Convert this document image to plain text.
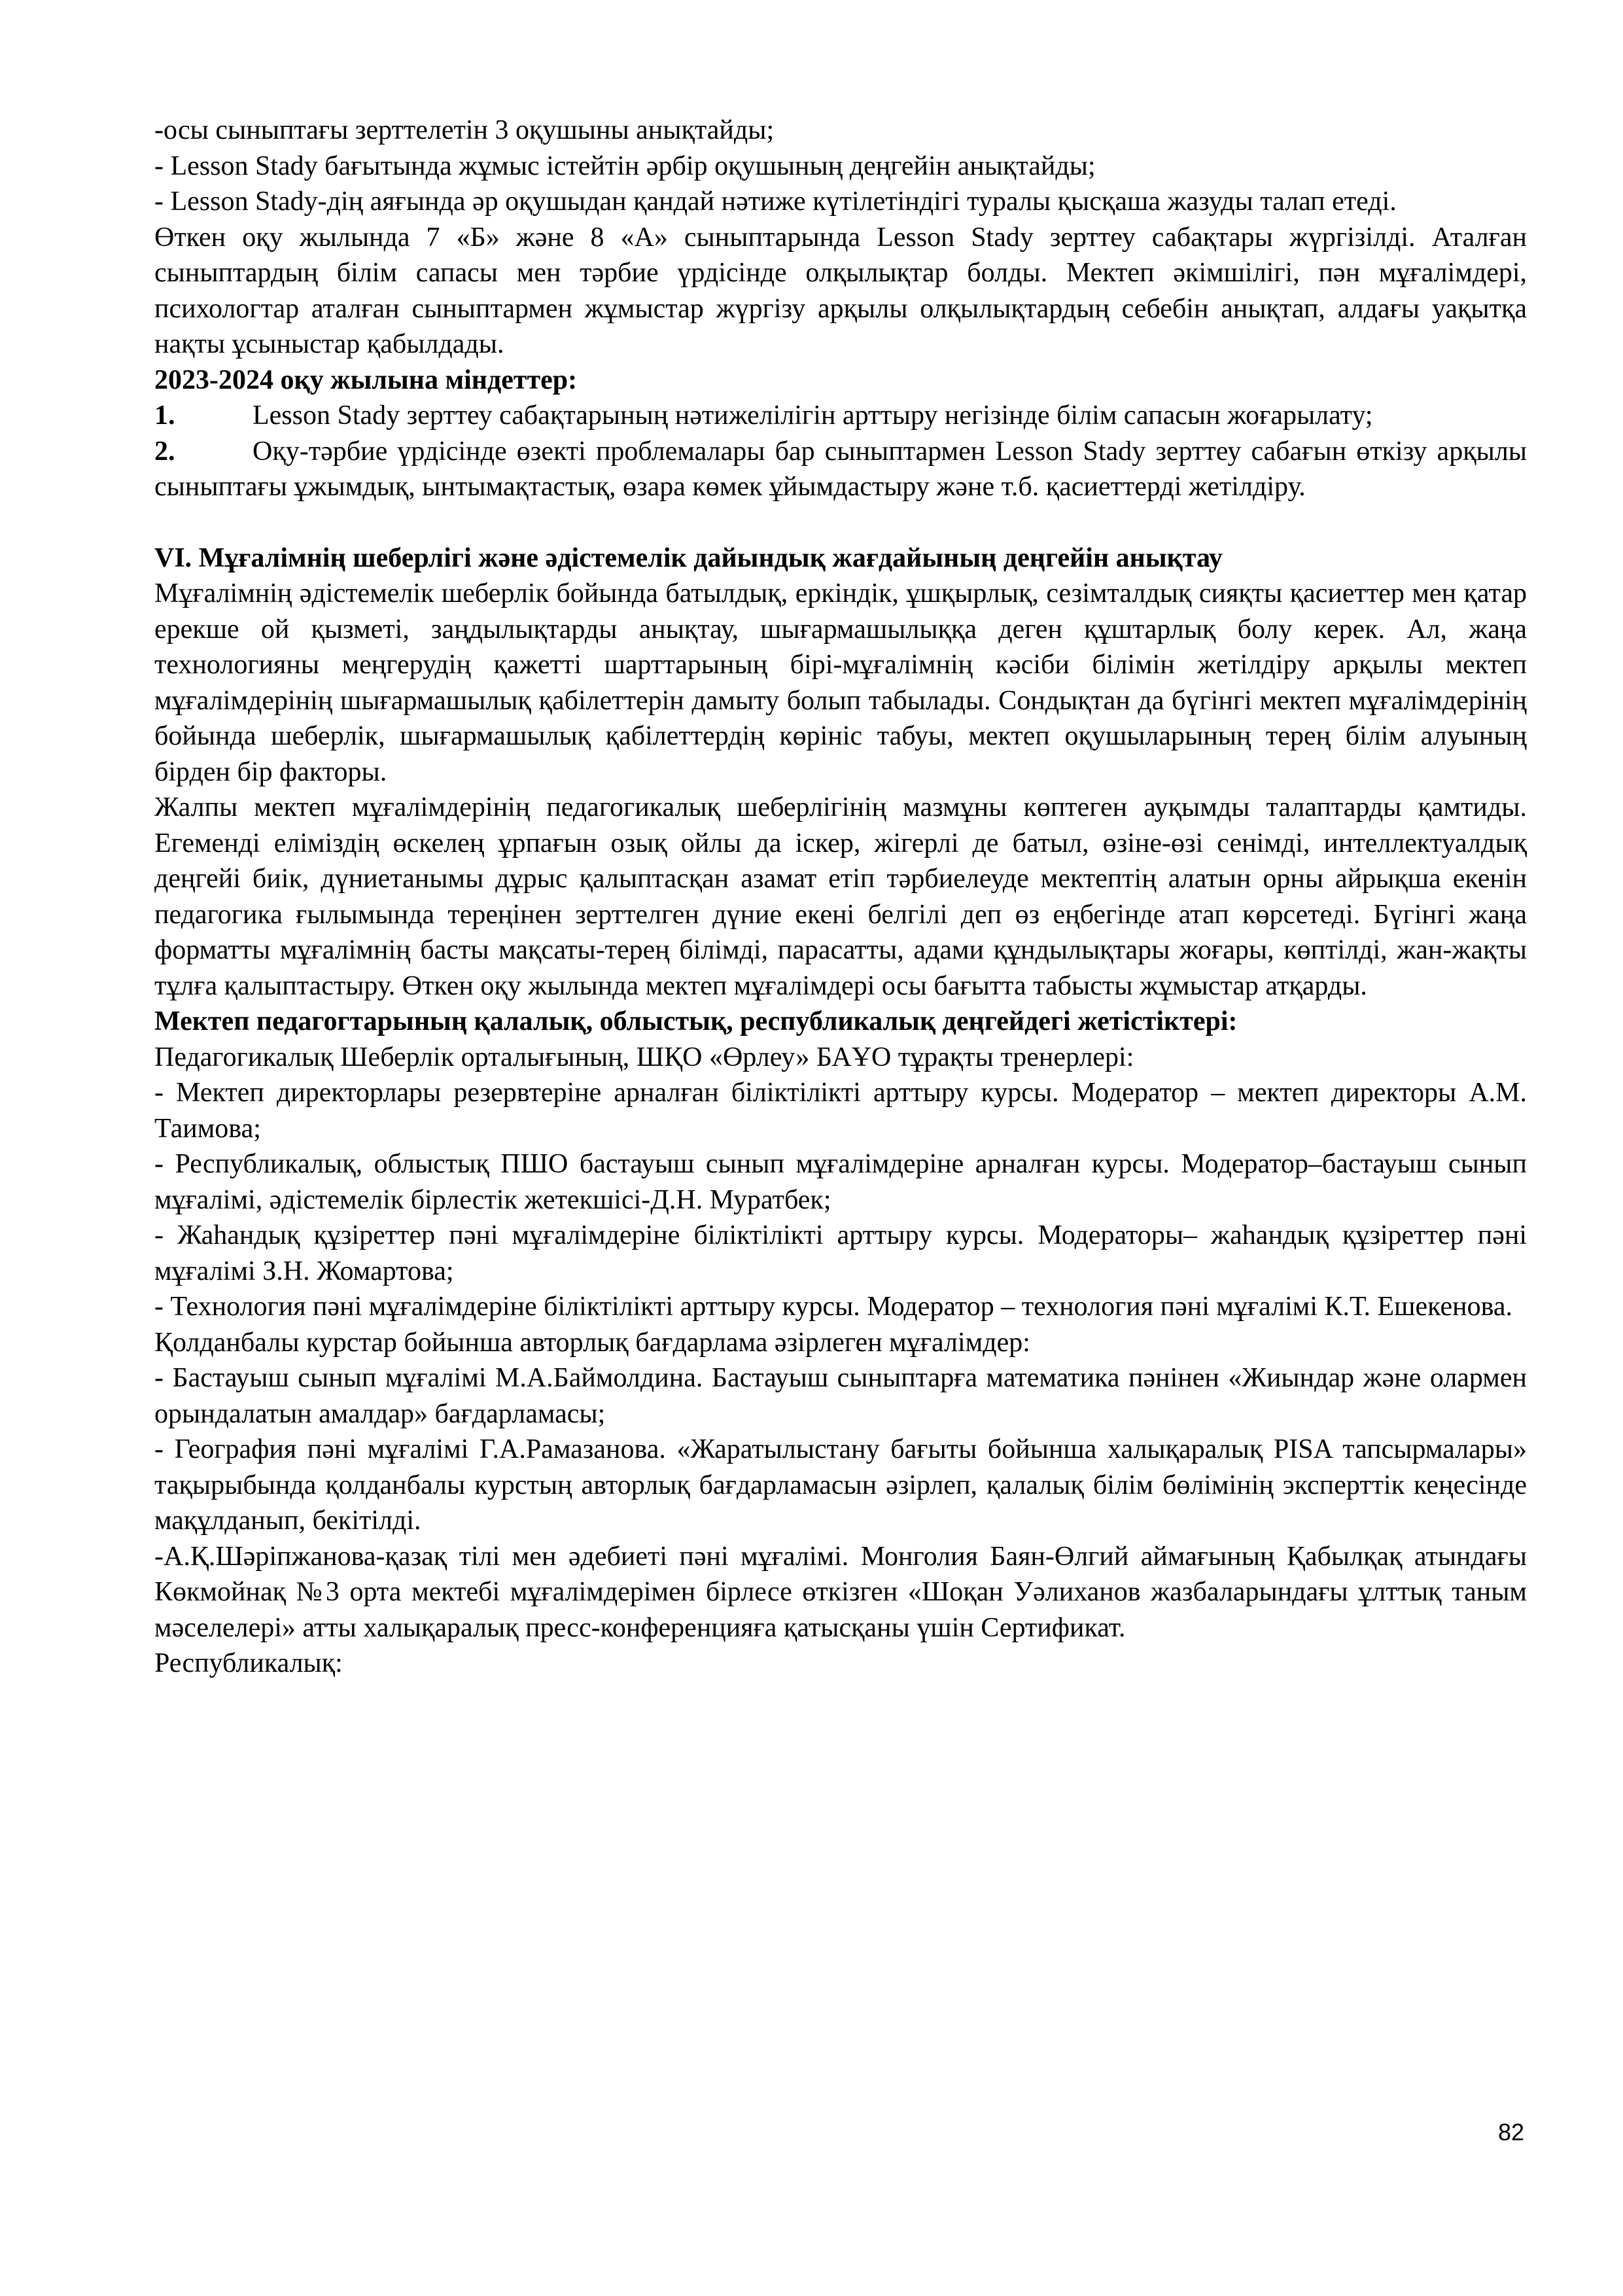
-осы сыныптағы зерттелетін 3 оқушыны анықтайды;

- Lesson Stady бағытында жұмыс істейтін әрбір оқушының деңгейін анықтайды;

- Lesson Stady-дің аяғында әр оқушыдан қандай нәтиже күтілетіндігі туралы қысқаша жазуды талап етеді.

Өткен оқу жылында 7 «Б» және 8 «А» сыныптарында Lesson Stady зерттеу сабақтары жүргізілді. Аталған сыныптардың білім сапасы мен тәрбие үрдісінде олқылықтар болды. Мектеп әкімшілігі, пән мұғалімдері, психологтар аталған сыныптармен жұмыстар жүргізу арқылы олқылықтардың себебін анықтап, алдағы уақытқа нақты ұсыныстар қабылдады.

2023-2024 оқу жылына міндеттер:

1.	Lesson Stady зерттеу сабақтарының нәтижелілігін арттыру негізінде білім сапасын жоғарылату;

2.	Оқу-тәрбие үрдісінде өзекті проблемалары бар сыныптармен Lesson Stady зерттеу сабағын өткізу арқылы сыныптағы ұжымдық, ынтымақтастық, өзара көмек ұйымдастыру және т.б. қасиеттерді жетілдіру.

VI. Мұғалімнің шеберлігі және әдістемелік дайындық жағдайының деңгейін анықтау

Мұғалімнің әдістемелік шеберлік бойында батылдық, еркіндік, ұшқырлық, сезімталдық сияқты қасиеттер мен қатар ерекше ой қызметі, заңдылықтарды анықтау, шығармашылыққа деген құштарлық болу керек. Ал, жаңа технологияны меңгерудің қажетті шарттарының бірі-мұғалімнің кәсіби білімін жетілдіру арқылы мектеп мұғалімдерінің шығармашылық қабілеттерін дамыту болып табылады. Сондықтан да бүгінгі мектеп мұғалімдерінің бойында шеберлік, шығармашылық қабілеттердің көрініс табуы, мектеп оқушыларының терең білім алуының бірден бір факторы.

Жалпы мектеп мұғалімдерінің педагогикалық шеберлігінің мазмұны көптеген ауқымды талаптарды қамтиды. Егеменді еліміздің өскелең ұрпағын озық ойлы да іскер, жігерлі де батыл, өзіне-өзі сенімді, интеллектуалдық деңгейі биік, дүниетанымы дұрыс қалыптасқан азамат етіп тәрбиелеуде мектептің алатын орны айрықша екенін педагогика ғылымында тереңінен зерттелген дүние екені белгілі деп өз еңбегінде атап көрсетеді. Бүгінгі жаңа форматты мұғалімнің басты мақсаты-терең білімді, парасатты, адами құндылықтары жоғары, көптілді, жан-жақты тұлға қалыптастыру. Өткен оқу жылында мектеп мұғалімдері осы бағытта табысты жұмыстар атқарды.

Мектеп педагогтарының қалалық, облыстық, республикалық деңгейдегі жетістіктері:

Педагогикалық Шеберлік орталығының, ШҚО «Өрлеу» БАҰО тұрақты тренерлері:

- Мектеп директорлары резервтеріне арналған біліктілікті арттыру курсы. Модератор – мектеп директоры А.М. Таимова;

- Республикалық, облыстық ПШО бастауыш сынып мұғалімдеріне арналған курсы. Модератор–бастауыш сынып мұғалімі, әдістемелік бірлестік жетекшісі-Д.Н. Муратбек;

- Жаһандық құзіреттер пәні мұғалімдеріне біліктілікті арттыру курсы. Модераторы– жаһандық құзіреттер пәні мұғалімі З.Н. Жомартова;

- Технология пәні мұғалімдеріне біліктілікті арттыру курсы. Модератор – технология пәні мұғалімі К.Т. Ешекенова.

Қолданбалы курстар бойынша авторлық бағдарлама әзірлеген мұғалімдер:

- Бастауыш сынып мұғалімі М.А.Баймолдина. Бастауыш сыныптарға математика пәнінен «Жиындар және олармен орындалатын амалдар» бағдарламасы;

- География пәні мұғалімі Г.А.Рамазанова. «Жаратылыстану бағыты бойынша халықаралық PISA тапсырмалары» тақырыбында қолданбалы курстың авторлық бағдарламасын әзірлеп, қалалық білім бөлімінің эксперттік кеңесінде мақұлданып, бекітілді.

-А.Қ.Шәріпжанова-қазақ тілі мен әдебиеті пәні мұғалімі. Монголия Баян-Өлгий аймағының Қабылқақ атындағы Көкмойнақ №3 орта мектебі мұғалімдерімен бірлесе өткізген «Шоқан Уәлиханов жазбаларындағы ұлттық таным мәселелері» атты халықаралық пресс-конференцияға қатысқаны үшін Сертификат.

Республикалық:

82
